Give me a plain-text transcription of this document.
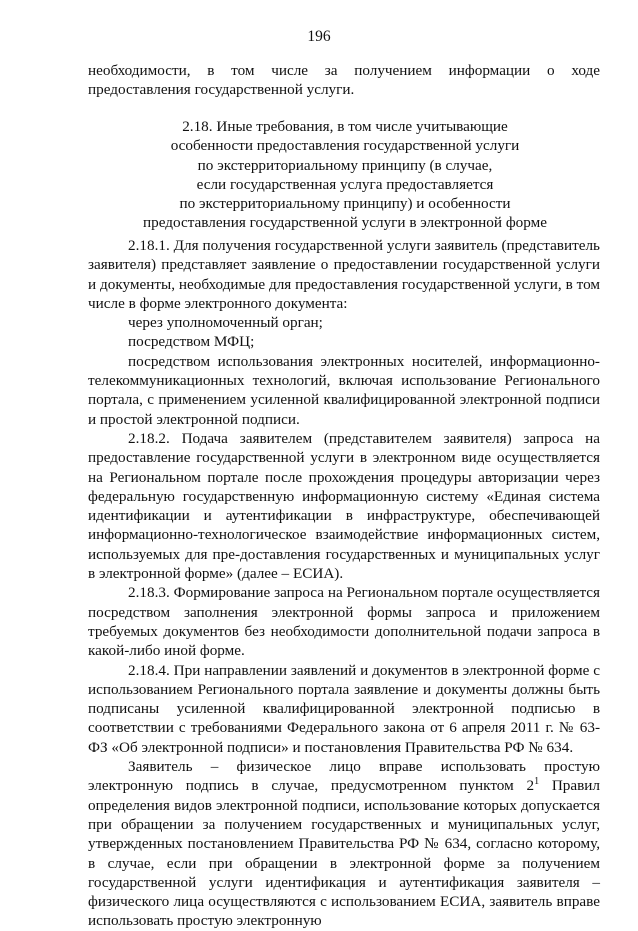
196

необходимости, в том числе за получением информации о ходе предоставления государственной услуги.

2.18. Иные требования, в том числе учитывающие
особенности предоставления государственной услуги
по экстерриториальному принципу (в случае,
если государственная услуга предоставляется
по экстерриториальному принципу) и особенности
предоставления государственной услуги в электронной форме

2.18.1. Для получения государственной услуги заявитель (представитель заявителя) представляет заявление о предоставлении государственной услуги и документы, необходимые для предоставления государственной услуги, в том числе в форме электронного документа:

через уполномоченный орган;

посредством МФЦ;

посредством использования электронных носителей, информационно-телекоммуникационных технологий, включая использование Регионального портала, с применением усиленной квалифицированной электронной подписи и простой электронной подписи.

2.18.2. Подача заявителем (представителем заявителя) запроса на предоставление государственной услуги в электронном виде осуществляется на Региональном портале после прохождения процедуры авторизации через федеральную государственную информационную систему «Единая система идентификации и аутентификации в инфраструктуре, обеспечивающей информационно-технологическое взаимодействие информационных систем, используемых для пре-доставления государственных и муниципальных услуг в электронной форме» (далее – ЕСИА).

2.18.3. Формирование запроса на Региональном портале осуществляется посредством заполнения электронной формы запроса и приложением требуемых документов без необходимости дополнительной подачи запроса в какой-либо иной форме.

2.18.4. При направлении заявлений и документов в электронной форме с использованием Регионального портала заявление и документы должны быть подписаны усиленной квалифицированной электронной подписью в соответствии с требованиями Федерального закона от 6 апреля 2011 г. № 63-ФЗ «Об электронной подписи» и постановления Правительства РФ № 634.

Заявитель – физическое лицо вправе использовать простую электронную подпись в случае, предусмотренном пунктом $2^1$ Правил определения видов электронной подписи, использование которых допускается при обращении за получением государственных и муниципальных услуг, утвержденных постановлением Правительства РФ № 634, согласно которому, в случае, если при обращении в электронной форме за получением государственной услуги идентификация и аутентификация заявителя – физического лица осуществляются с использованием ЕСИА, заявитель вправе использовать простую электронную
